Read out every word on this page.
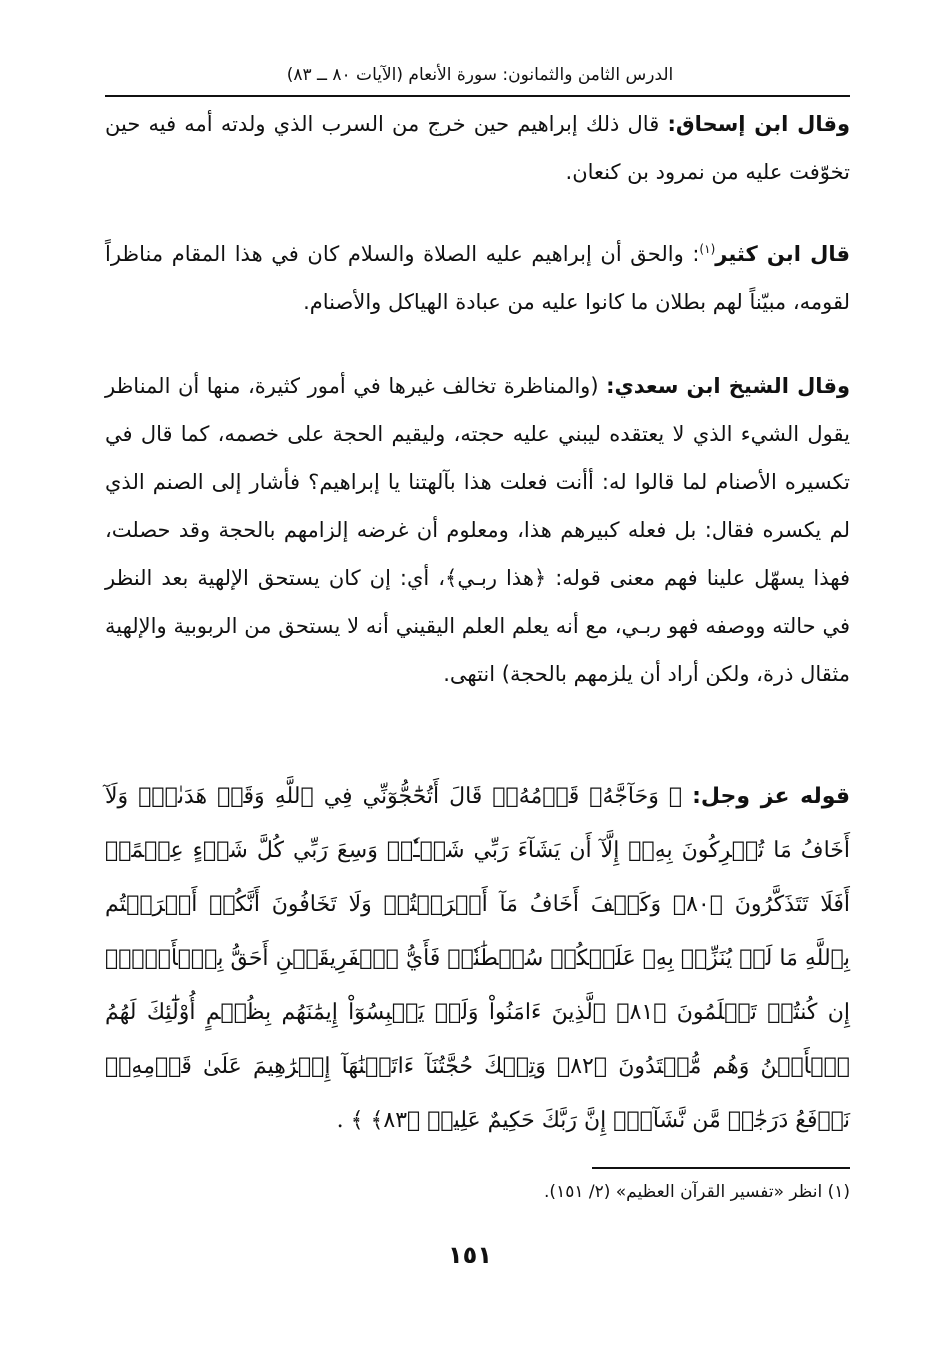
الدرس الثامن والثمانون: سورة الأنعام (الآيات ٨٠ ــ ٨٣)
وقال ابن إسحاق: قال ذلك إبراهيم حين خرج من السرب الذي ولدته أمه فيه حين تخوّفت عليه من نمرود بن كنعان.
قال ابن كثير$^{(١)}$: والحق أن إبراهيم عليه الصلاة والسلام كان في هذا المقام مناظراً لقومه، مبيّناً لهم بطلان ما كانوا عليه من عبادة الهياكل والأصنام.
وقال الشيخ ابن سعدي: (والمناظرة تخالف غيرها في أمور كثيرة، منها أن المناظر يقول الشيء الذي لا يعتقده ليبني عليه حجته، وليقيم الحجة على خصمه، كما قال في تكسيره الأصنام لما قالوا له: أأنت فعلت هذا بآلهتنا يا إبراهيم؟ فأشار إلى الصنم الذي لم يكسره فقال: بل فعله كبيرهم هذا، ومعلوم أن غرضه إلزامهم بالحجة وقد حصلت، فهذا يسهّل علينا فهم معنى قوله: ﴿هذا ربـي﴾، أي: إن كان يستحق الإلهية بعد النظر في حالته ووصفه فهو ربـي، مع أنه يعلم العلم اليقيني أنه لا يستحق من الربوبية والإلهية مثقال ذرة، ولكن أراد أن يلزمهم بالحجة) انتهى.
قوله عز وجل: ﴿ وَحَآجَّهُۥ قَوۡمُهُۥۚ قَالَ أَتُحَٰٓجُّوٓنِّي فِي ٱللَّهِ وَقَدۡ هَدَىٰنِۚ وَلَآ أَخَافُ مَا تُشۡرِكُونَ بِهِۦٓ إِلَّآ أَن يَشَآءَ رَبِّي شَيۡـٔٗاۚ وَسِعَ رَبِّي كُلَّ شَيۡءٍ عِلۡمًاۚ أَفَلَا تَتَذَكَّرُونَ ﴿٨٠﴾ وَكَيۡفَ أَخَافُ مَآ أَشۡرَكۡتُمۡ وَلَا تَخَافُونَ أَنَّكُمۡ أَشۡرَكۡتُم بِٱللَّهِ مَا لَمۡ يُنَزِّلۡ بِهِۦ عَلَيۡكُمۡ سُلۡطَٰنٗاۚ فَأَيُّ ٱلۡفَرِيقَيۡنِ أَحَقُّ بِٱلۡأَمۡنِۖ إِن كُنتُمۡ تَعۡلَمُونَ ﴿٨١﴾ ٱلَّذِينَ ءَامَنُواْ وَلَمۡ يَلۡبِسُوٓاْ إِيمَٰنَهُم بِظُلۡمٍ أُوْلَٰٓئِكَ لَهُمُ ٱلۡأَمۡنُ وَهُم مُّهۡتَدُونَ ﴿٨٢﴾ وَتِلۡكَ حُجَّتُنَآ ءَاتَيۡنَٰهَآ إِبۡرَٰهِيمَ عَلَىٰ قَوۡمِهِۦۚ نَرۡفَعُ دَرَجَٰتٖ مَّن نَّشَآءُۗ إِنَّ رَبَّكَ حَكِيمٌ عَلِيمٞ ﴿٨٣﴾ ﴾ .
(١) انظر «تفسير القرآن العظيم» (٢/ ١٥١).
١٥١
